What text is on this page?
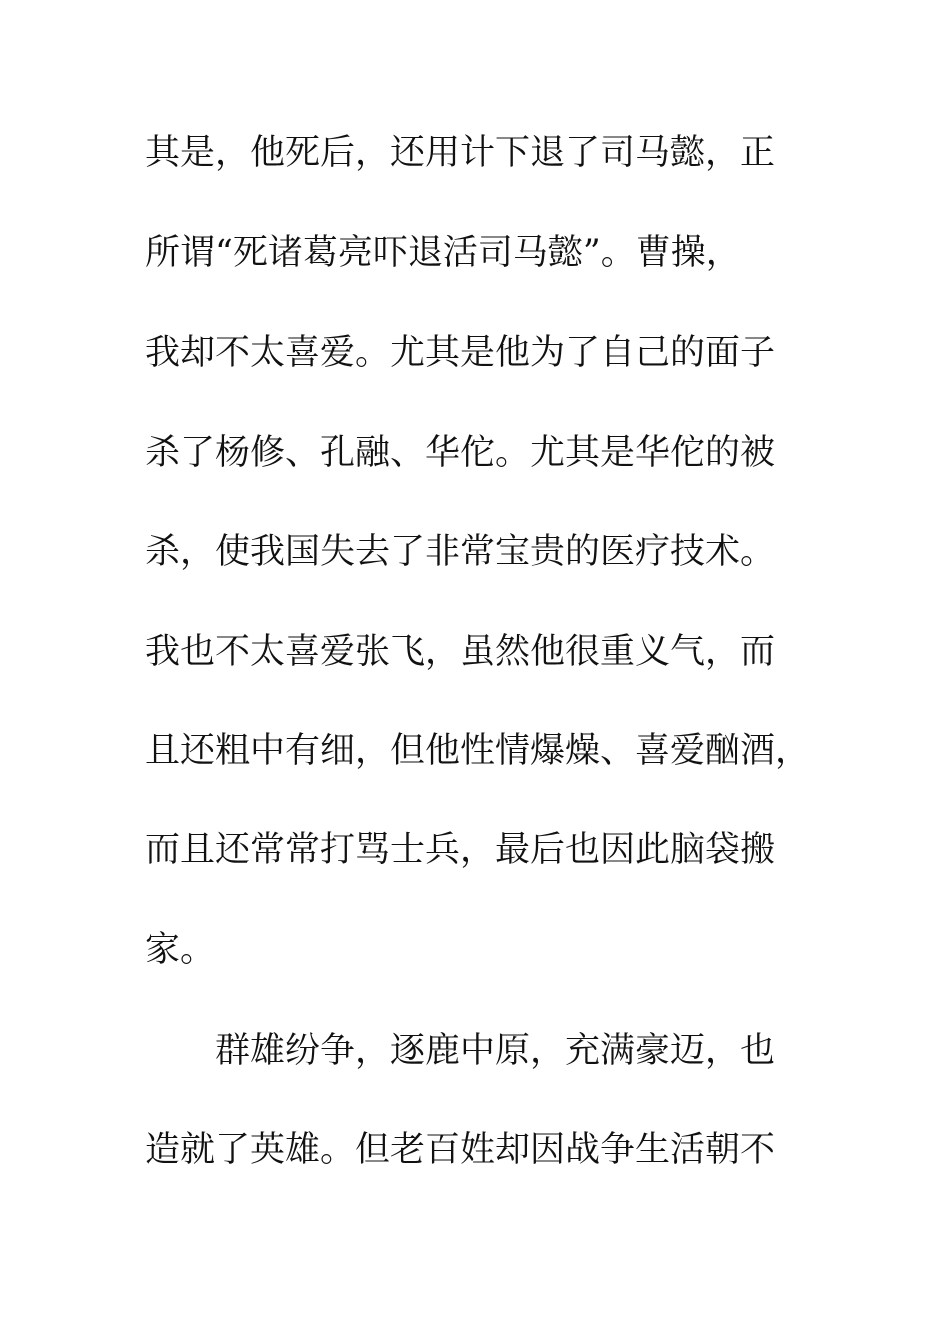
其是，他死后，还用计下退了司马懿，正
所谓“死诸葛亮吓退活司马懿”。曹操，
我却不太喜爱。尤其是他为了自己的面子
杀了杨修、孔融、华佗。尤其是华佗的被
杀，使我国失去了非常宝贵的医疗技术。
我也不太喜爱张飞，虽然他很重义气，而
且还粗中有细，但他性情爆燥、喜爱酗酒，
而且还常常打骂士兵，最后也因此脑袋搬
家。
群雄纷争，逐鹿中原，充满豪迈，也
造就了英雄。但老百姓却因战争生活朝不
